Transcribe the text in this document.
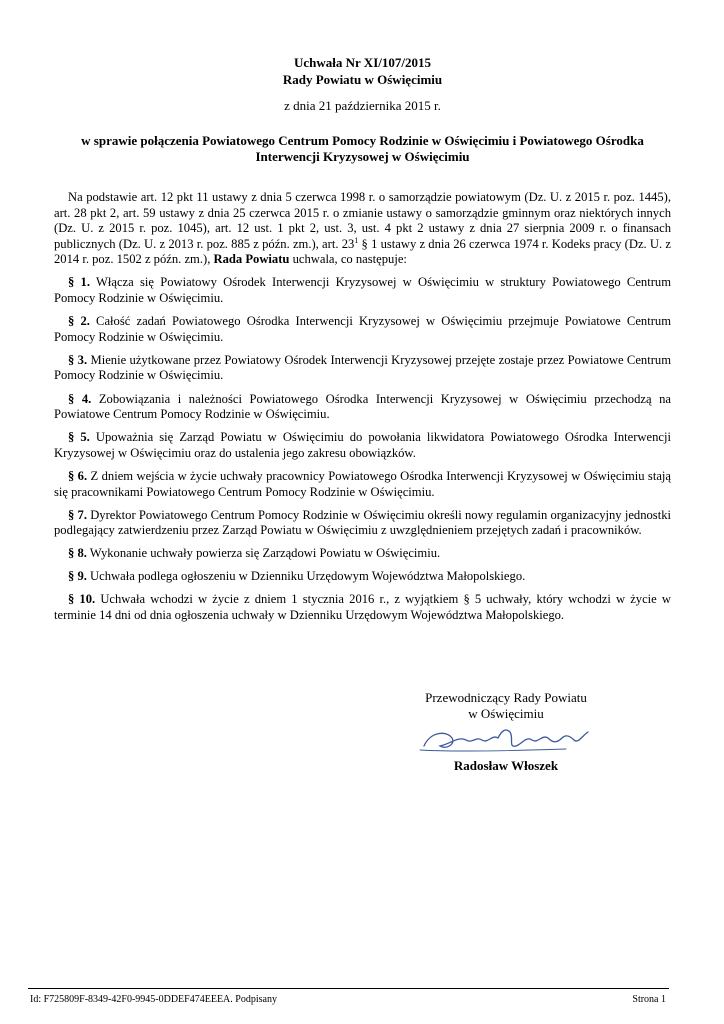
Uchwała Nr XI/107/2015
Rady Powiatu w Oświęcimiu
z dnia 21 października 2015 r.
w sprawie połączenia Powiatowego Centrum Pomocy Rodzinie w Oświęcimiu i Powiatowego Ośrodka
Interwencji Kryzysowej w Oświęcimiu

Na podstawie art. 12 pkt 11 ustawy z dnia 5 czerwca 1998 r. o samorządzie powiatowym (Dz. U. z 2015 r. poz. 1445), art. 28 pkt 2, art. 59 ustawy z dnia 25 czerwca 2015 r. o zmianie ustawy o samorządzie gminnym oraz niektórych innych (Dz. U. z 2015 r. poz. 1045), art. 12 ust. 1 pkt 2, ust. 3, ust. 4 pkt 2 ustawy z dnia 27 sierpnia 2009 r. o finansach publicznych (Dz. U. z 2013 r. poz. 885 z późn. zm.), art. $23^1$ § 1 ustawy z dnia 26 czerwca 1974 r. Kodeks pracy (Dz. U. z 2014 r. poz. 1502 z późn. zm.), Rada Powiatu uchwala, co następuje:

§ 1. Włącza się Powiatowy Ośrodek Interwencji Kryzysowej w Oświęcimiu w struktury Powiatowego Centrum Pomocy Rodzinie w Oświęcimiu.

§ 2. Całość zadań Powiatowego Ośrodka Interwencji Kryzysowej w Oświęcimiu przejmuje Powiatowe Centrum Pomocy Rodzinie w Oświęcimiu.

§ 3. Mienie użytkowane przez Powiatowy Ośrodek Interwencji Kryzysowej przejęte zostaje przez Powiatowe Centrum Pomocy Rodzinie w Oświęcimiu.

§ 4. Zobowiązania i należności Powiatowego Ośrodka Interwencji Kryzysowej w Oświęcimiu przechodzą na Powiatowe Centrum Pomocy Rodzinie w Oświęcimiu.

§ 5. Upoważnia się Zarząd Powiatu w Oświęcimiu do powołania likwidatora Powiatowego Ośrodka Interwencji Kryzysowej w Oświęcimiu oraz do ustalenia jego zakresu obowiązków.

§ 6. Z dniem wejścia w życie uchwały pracownicy Powiatowego Ośrodka Interwencji Kryzysowej w Oświęcimiu stają się pracownikami Powiatowego Centrum Pomocy Rodzinie w Oświęcimiu.

§ 7. Dyrektor Powiatowego Centrum Pomocy Rodzinie w Oświęcimiu określi nowy regulamin organizacyjny jednostki podlegający zatwierdzeniu przez Zarząd Powiatu w Oświęcimiu z uwzględnieniem przejętych zadań i pracowników.

§ 8. Wykonanie uchwały powierza się Zarządowi Powiatu w Oświęcimiu.

§ 9. Uchwała podlega ogłoszeniu w Dzienniku Urzędowym Województwa Małopolskiego.

§ 10. Uchwała wchodzi w życie z dniem 1 stycznia 2016 r., z wyjątkiem § 5 uchwały, który wchodzi w życie w terminie 14 dni od dnia ogłoszenia uchwały w Dzienniku Urzędowym Województwa Małopolskiego.

Przewodniczący Rady Powiatu
w Oświęcimiu
Radosław Włoszek
Id: F725809F-8349-42F0-9945-0DDEF474EEEA. Podpisany	Strona 1
